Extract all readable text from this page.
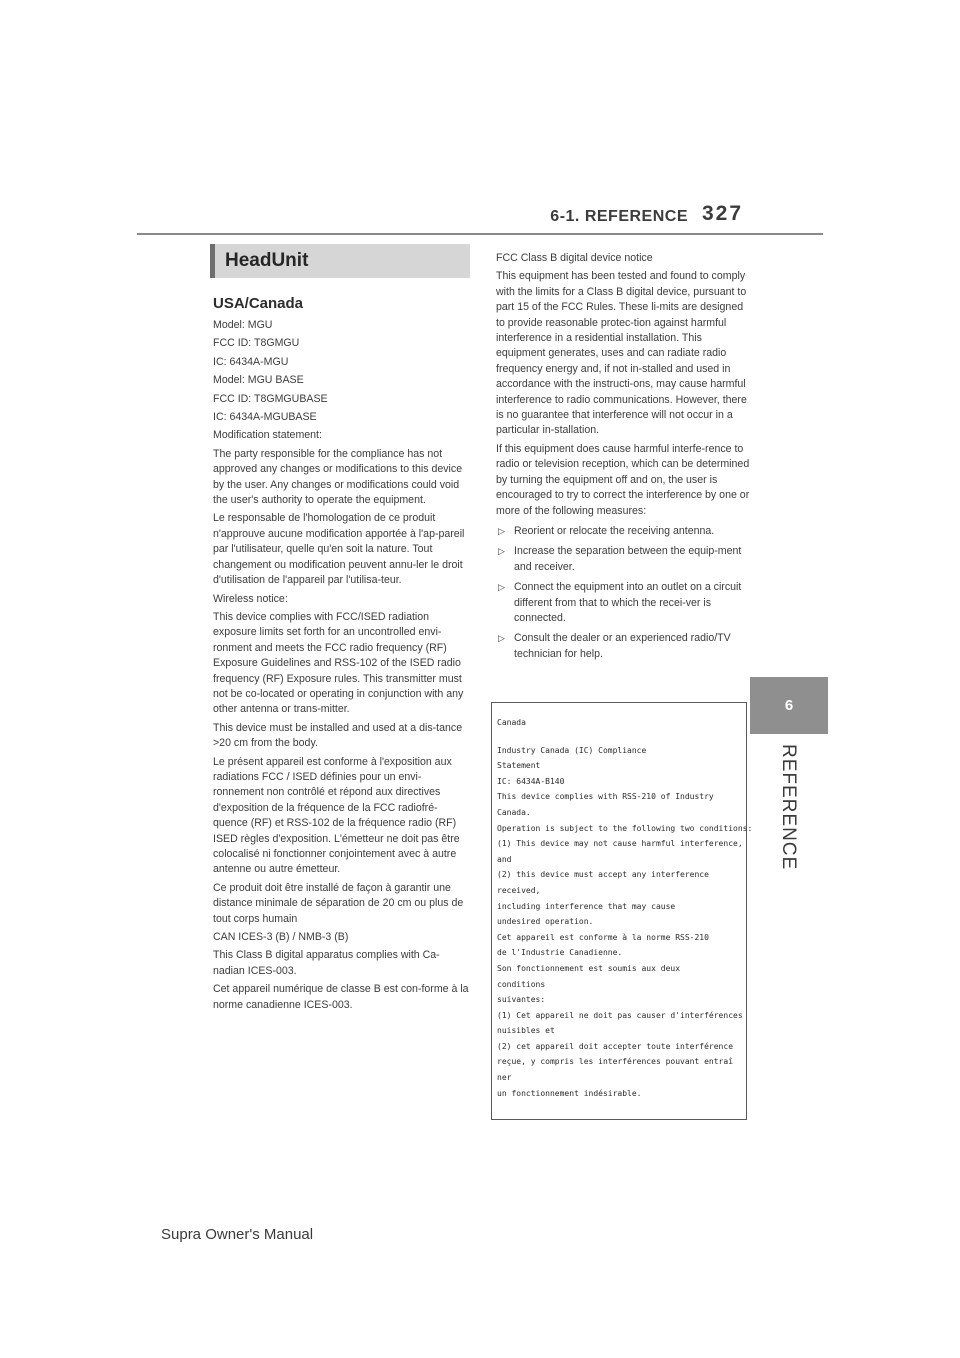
6-1. REFERENCE 327
6
REFERENCE
HeadUnit
USA/Canada

Model: MGU

FCC ID: T8GMGU

IC: 6434A-MGU

Model: MGU BASE

FCC ID: T8GMGUBASE

IC: 6434A-MGUBASE

Modification statement:

The party responsible for the compliance has not approved any changes or modifications to this device by the user. Any changes or modifications could void the user's authority to operate the equipment.

Le responsable de l'homologation de ce produit n'approuve aucune modification apportée à l'ap-pareil par l'utilisateur, quelle qu'en soit la nature. Tout changement ou modification peuvent annu-ler le droit d'utilisation de l'appareil par l'utilisa-teur.

Wireless notice:

This device complies with FCC/ISED radiation exposure limits set forth for an uncontrolled envi-ronment and meets the FCC radio frequency (RF) Exposure Guidelines and RSS-102 of the ISED radio frequency (RF) Exposure rules. This transmitter must not be co-located or operating in conjunction with any other antenna or trans-mitter.

This device must be installed and used at a dis-tance >20 cm from the body.

Le présent appareil est conforme à l'exposition aux radiations FCC / ISED définies pour un envi-ronnement non contrôlé et répond aux directives d'exposition de la fréquence de la FCC radiofré-quence (RF) et RSS-102 de la fréquence radio (RF) ISED règles d'exposition. L'émetteur ne doit pas être colocalisé ni fonctionner conjointement avec à autre antenne ou autre émetteur.

Ce produit doit être installé de façon à garantir une distance minimale de séparation de 20 cm ou plus de tout corps humain

CAN ICES-3 (B) / NMB-3 (B)

This Class B digital apparatus complies with Ca-nadian ICES-003.

Cet appareil numérique de classe B est con-forme à la norme canadienne ICES-003.

FCC Class B digital device notice

This equipment has been tested and found to comply with the limits for a Class B digital device, pursuant to part 15 of the FCC Rules. These li-mits are designed to provide reasonable protec-tion against harmful interference in a residential installation. This equipment generates, uses and can radiate radio frequency energy and, if not in-stalled and used in accordance with the instructi-ons, may cause harmful interference to radio communications. However, there is no guarantee that interference will not occur in a particular in-stallation.

If this equipment does cause harmful interfe-rence to radio or television reception, which can be determined by turning the equipment off and on, the user is encouraged to try to correct the interference by one or more of the following measures:

▷ Reorient or relocate the receiving antenna.
▷ Increase the separation between the equip-ment and receiver.
▷ Connect the equipment into an outlet on a circuit different from that to which the recei-ver is connected.
▷ Consult the dealer or an experienced radio/TV technician for help.
Canada
Industry Canada (IC) Compliance
Statement
IC: 6434A-B140
This device complies with RSS-210 of Industry
Canada.
Operation is subject to the following two conditions:
(1) This device may not cause harmful interference,
and
(2) this device must accept any interference
received,
including interference that may cause
undesired operation.
Cet appareil est conforme à la norme RSS-210
de l'Industrie Canadienne.
Son fonctionnement est soumis aux deux
conditions
suivantes:
(1) Cet appareil ne doit pas causer d'interférences
nuisibles et
(2) cet appareil doit accepter toute interférence
reçue, y compris les interférences pouvant entraî
ner
un fonctionnement indésirable.
Supra Owner's Manual
